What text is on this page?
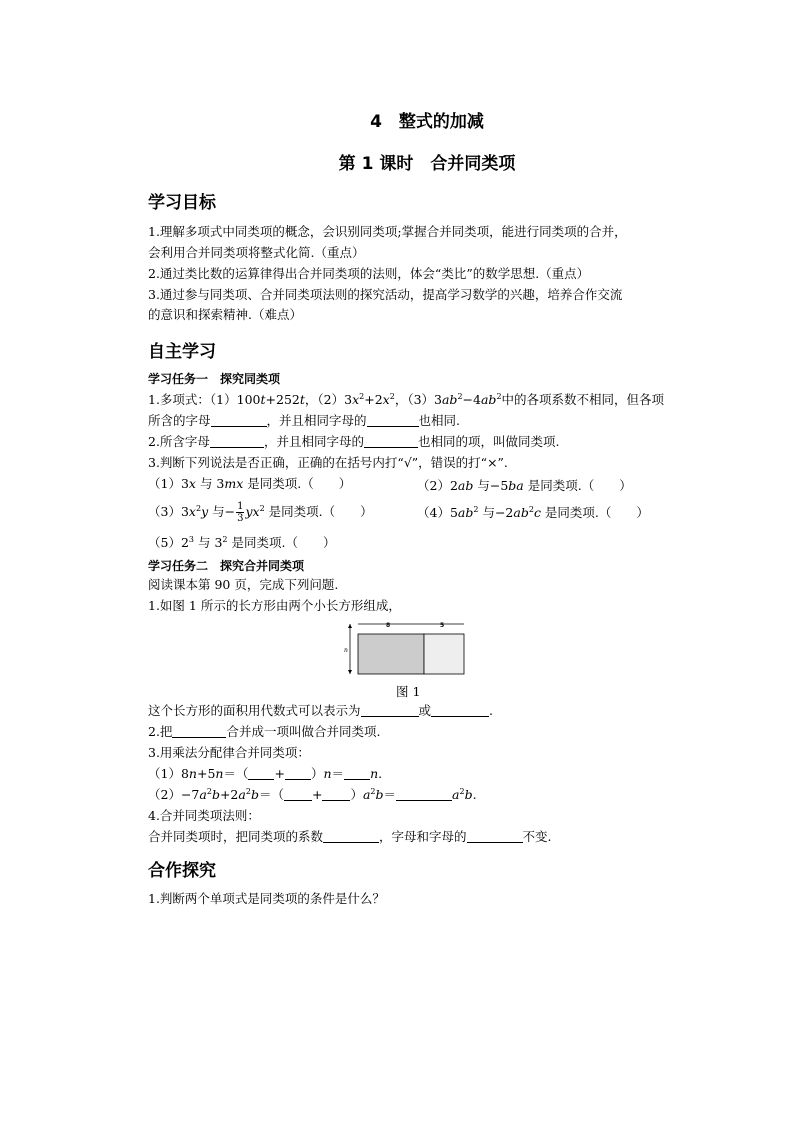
4　 整式的加减
第 1 课时　 合并同类项
学习目标
1.理解多项式中同类项的概念，会识别同类项;掌握合并同类项，能进行同类项的合并，
会利用合并同类项将整式化简.（重点）
2.通过类比数的运算律得出合并同类项的法则，体会“类比”的数学思想.（重点）
3.通过参与同类项、合并同类项法则的探究活动，提高学习数学的兴趣，培养合作交流
的意识和探索精神.（难点）
自主学习
学习任务一　探究同类项
1.多项式：（1）100t+252t，$(2)3x^2+2x^2$，$(3)3ab^2-4ab^2$中的各项系数不相同，但各项
所含的字母	，并且相同字母的	也相同.
2.所含字母	，并且相同字母的	也相同的项，叫做同类项.
3.判断下列说法是否正确，正确的在括号内打“√”，错误的打“×”.
（1）3x 与 3mx 是同类项.（　　）	（2）2ab 与−5ba 是同类项.（　　）
$(3)3x^2y$ 与− $\frac{1}{3} yx^2$ 是同类项.（　　）	$(4)5ab^2$ 与$-2ab^2c$ 是同类项.（　　）
$(5)2^3$ 与 $3^2$ 是同类项.（　　）
学习任务二　探究合并同类项
阅读课本第 90 页，完成下列问题.
1.如图 1 所示的长方形由两个小长方形组成，
n
8	5
图 1
这个长方形的面积用代数式可以表示为	或	.
2.把	合并成一项叫做合并同类项.
3.用乘法分配律合并同类项：
（1）8n+5n＝（ + ）n＝ n.
$(2)-7a^2b+2a^2b=( + )a^2b=$	$a^2b$.
4.合并同类项法则：
合并同类项时，把同类项的系数	，字母和字母的	不变.
合作探究
1.判断两个单项式是同类项的条件是什么？
